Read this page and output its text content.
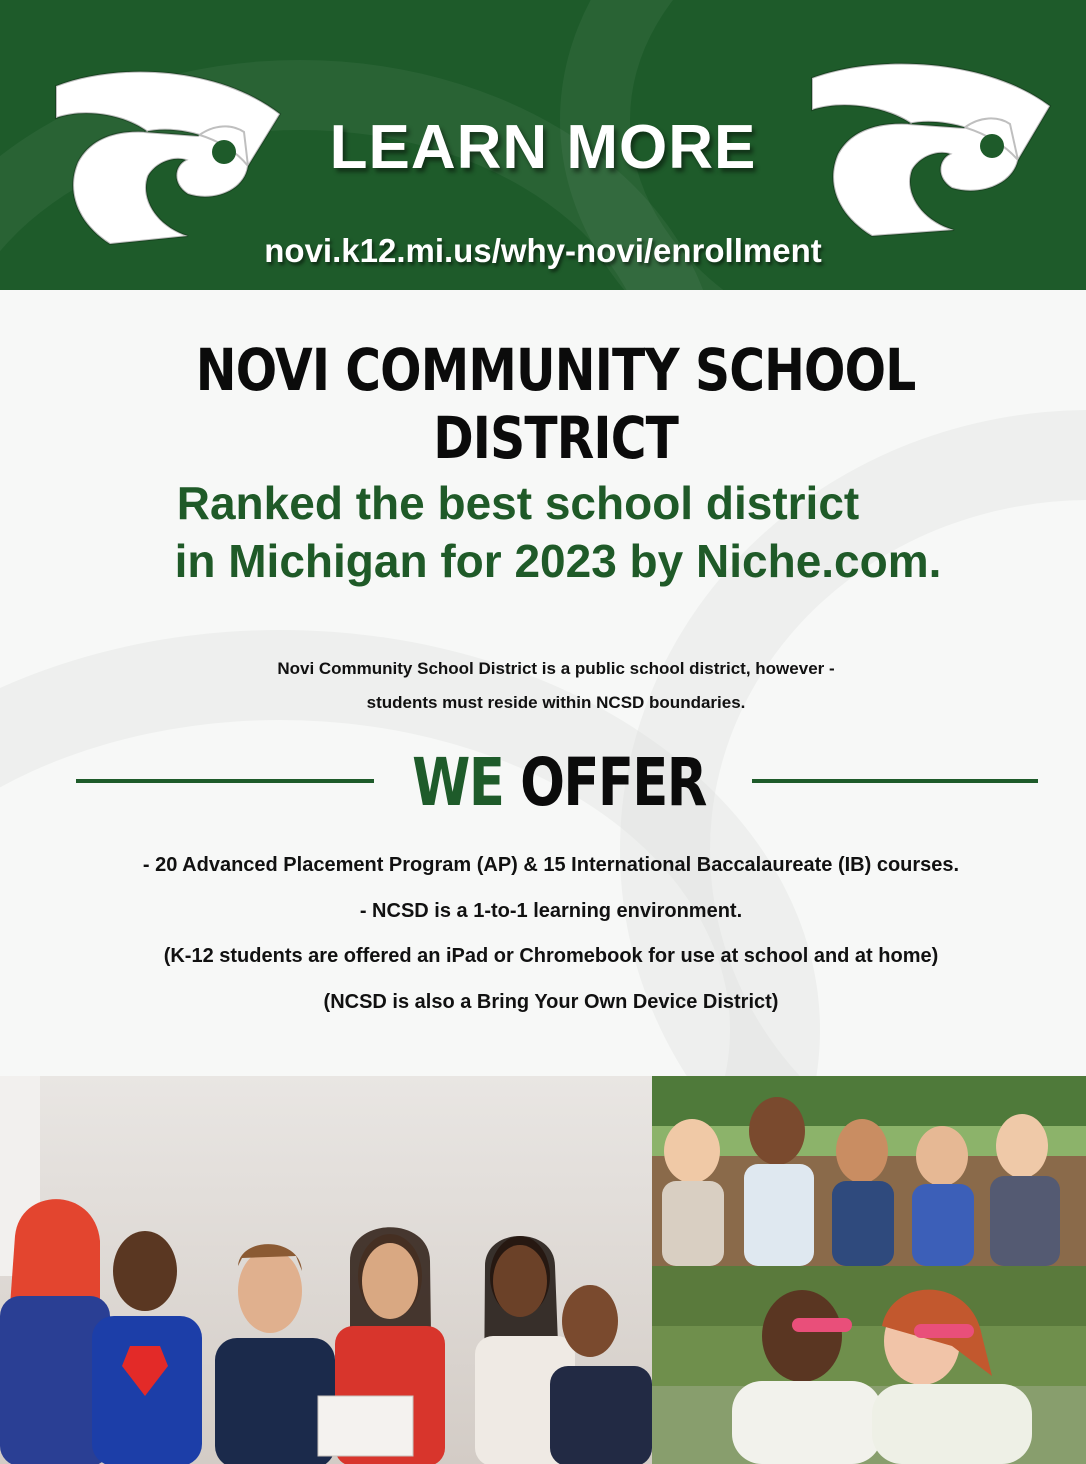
LEARN MORE
novi.k12.mi.us/why-novi/enrollment
NOVI COMMUNITY SCHOOL DISTRICT
Ranked the best school district
in Michigan for 2023 by Niche.com.
Novi Community School District is a public school district, however -
students must reside within NCSD boundaries.
WE OFFER
- 20 Advanced Placement Program (AP) & 15 International Baccalaureate (IB) courses.
- NCSD is a 1-to-1 learning environment.
(K-12 students are offered an iPad or Chromebook for use at school and at home)
(NCSD is also a Bring Your Own Device District)
